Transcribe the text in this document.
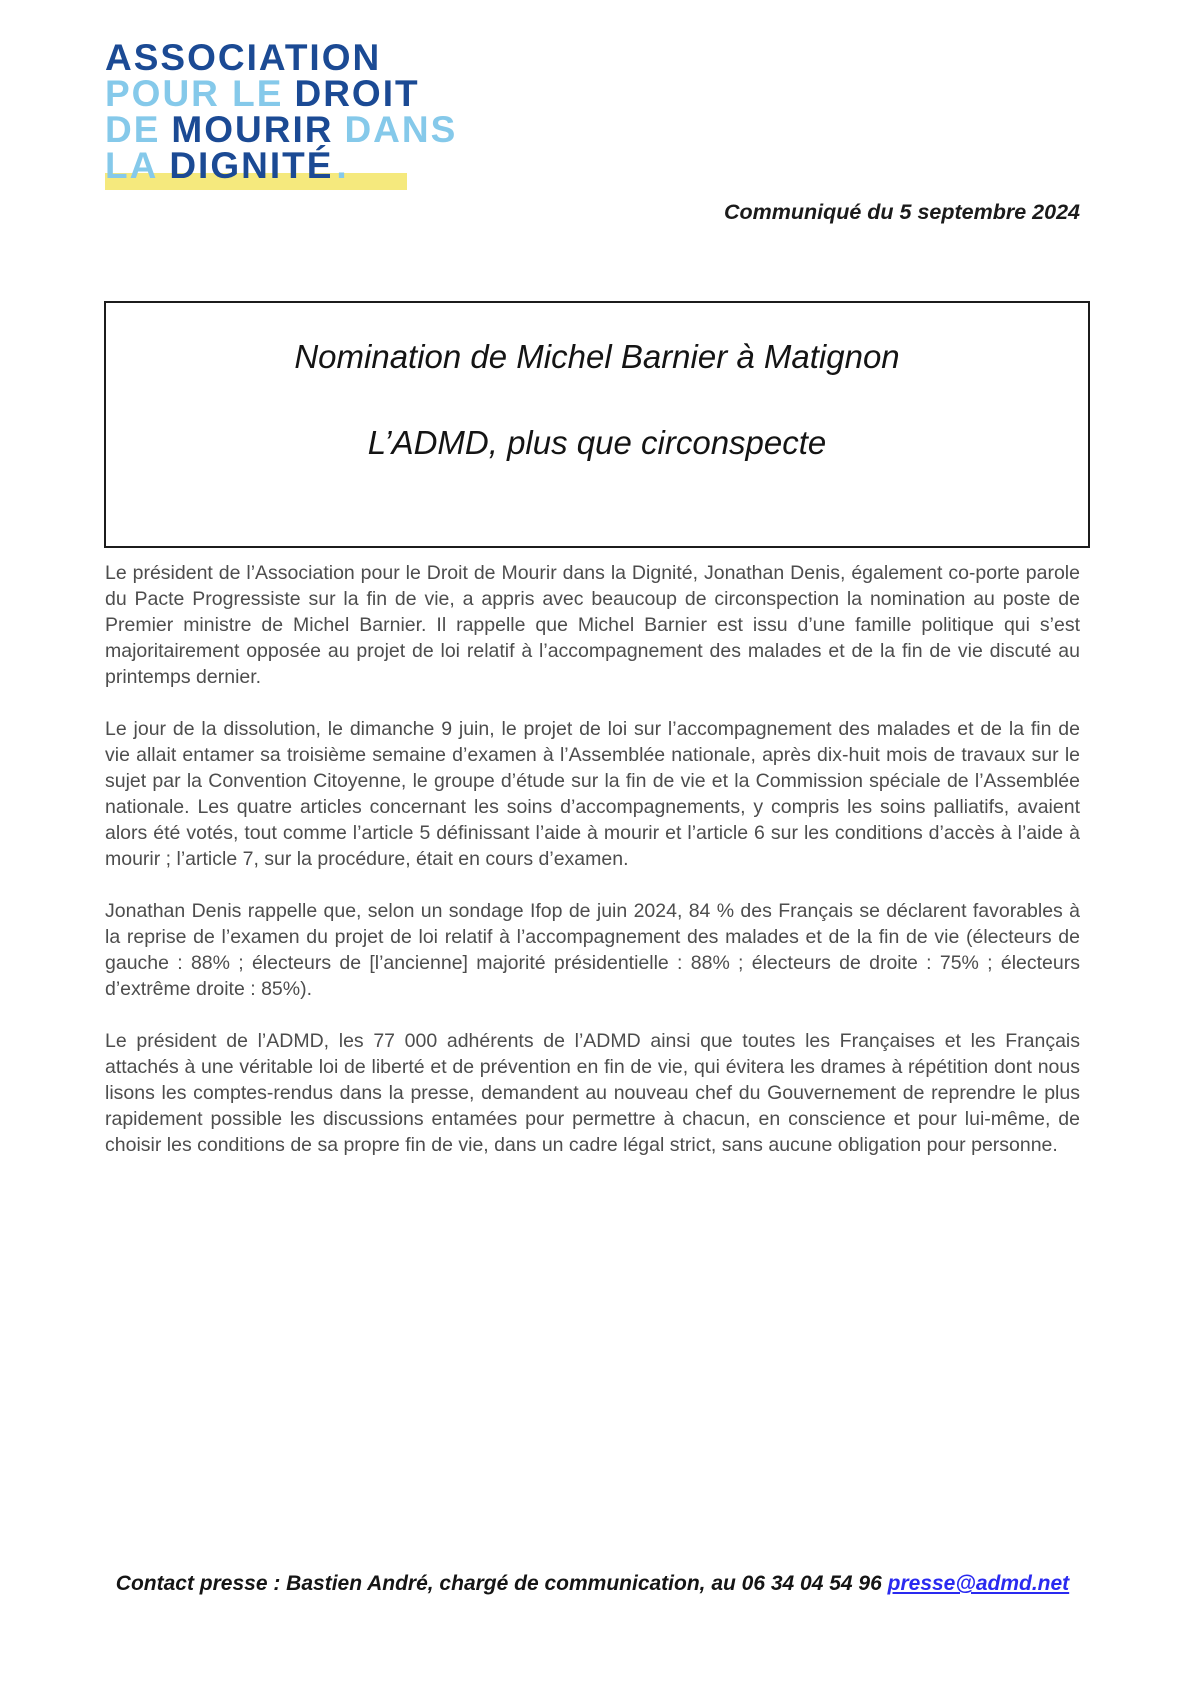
ASSOCIATION
POUR LE DROIT
DE MOURIR DANS
LA DIGNITÉ.
Communiqué du 5 septembre 2024
Nomination de Michel Barnier à Matignon
L’ADMD, plus que circonspecte

Le président de l’Association pour le Droit de Mourir dans la Dignité, Jonathan Denis, également co-porte parole du Pacte Progressiste sur la fin de vie, a appris avec beaucoup de circonspection la nomination au poste de Premier ministre de Michel Barnier. Il rappelle que Michel Barnier est issu d’une famille politique qui s’est majoritairement opposée au projet de loi relatif à l’accompagnement des malades et de la fin de vie discuté au printemps dernier.

Le jour de la dissolution, le dimanche 9 juin, le projet de loi sur l’accompagnement des malades et de la fin de vie allait entamer sa troisième semaine d’examen à l’Assemblée nationale, après dix-huit mois de travaux sur le sujet par la Convention Citoyenne, le groupe d’étude sur la fin de vie et la Commission spéciale de l’Assemblée nationale. Les quatre articles concernant les soins d’accompagnements, y compris les soins palliatifs, avaient alors été votés, tout comme l’article 5 définissant l’aide à mourir et l’article 6 sur les conditions d’accès à l’aide à mourir ; l’article 7, sur la procédure, était en cours d’examen.

Jonathan Denis rappelle que, selon un sondage Ifop de juin 2024, 84 % des Français se déclarent favorables à la reprise de l’examen du projet de loi relatif à l’accompagnement des malades et de la fin de vie (électeurs de gauche : 88% ; électeurs de [l’ancienne] majorité présidentielle : 88% ; électeurs de droite : 75% ; électeurs d’extrême droite : 85%).

Le président de l’ADMD, les 77 000 adhérents de l’ADMD ainsi que toutes les Françaises et les Français attachés à une véritable loi de liberté et de prévention en fin de vie, qui évitera les drames à répétition dont nous lisons les comptes-rendus dans la presse, demandent au nouveau chef du Gouvernement de reprendre le plus rapidement possible les discussions entamées pour permettre à chacun, en conscience et pour lui-même, de choisir les conditions de sa propre fin de vie, dans un cadre légal strict, sans aucune obligation pour personne.

Contact presse : Bastien André, chargé de communication, au 06 34 04 54 96 presse@admd.net
